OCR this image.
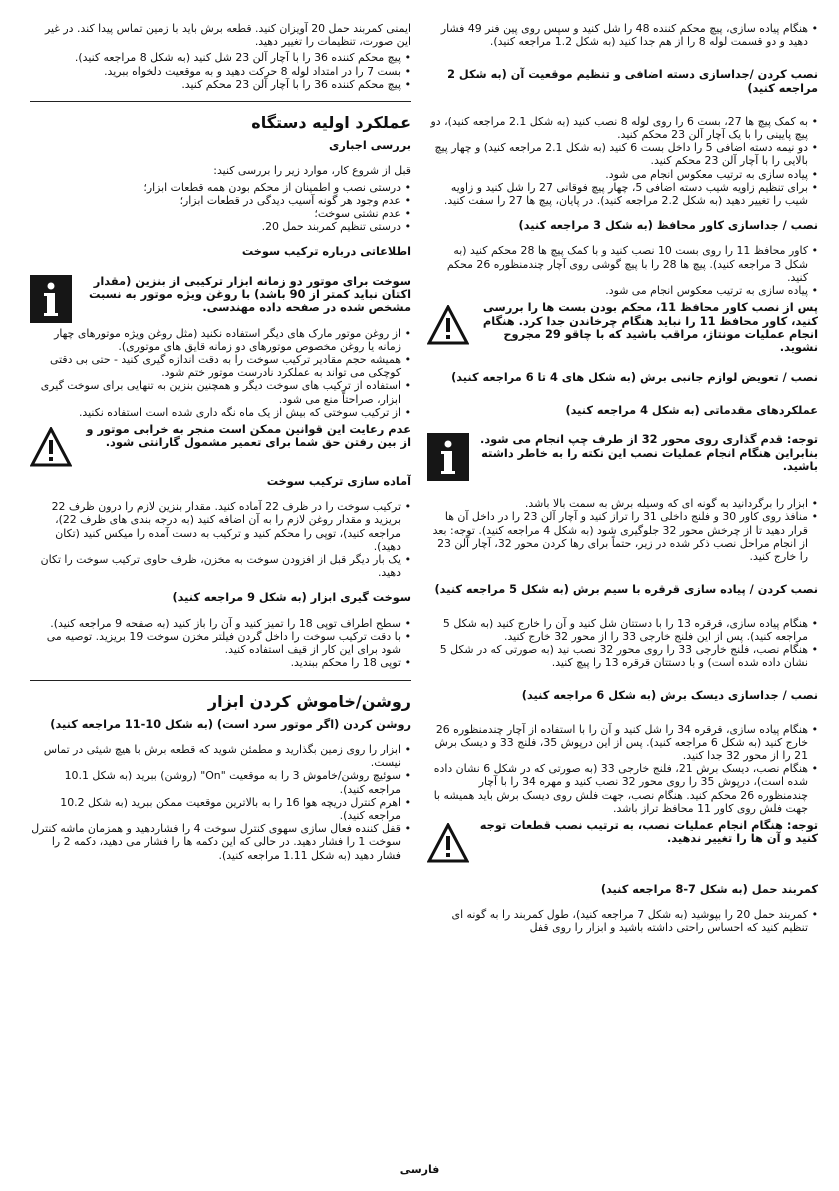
• هنگام پیاده سازی، پیچ محکم کننده 48 را شل کنید و سپس روی پین فنر 49 فشار دهید و دو قسمت لوله 8 را از هم جدا کنید (به شکل 1.2 مراجعه کنید).

نصب کردن /جداسازی دسته اضافی و تنظیم موقعیت آن (به شکل 2 مراجعه کنید)

• به کمک پیچ ها 27، بست 6 را روی لوله 8 نصب کنید (به شکل 2.1 مراجعه کنید)، دو پیچ پایینی را با یک آچار آلن 23 محکم کنید.

• دو نیمه دسته اضافی 5 را داخل بست 6 کنید (به شکل 2.1 مراجعه کنید) و چهار پیچ بالایی را با آچار آلن 23 محکم کنید.

• پیاده سازی به ترتیب معکوس انجام می شود.

• برای تنظیم زاویه شیب دسته اضافی 5، چهار پیچ فوقانی 27 را شل کنید و زاویه شیب را تغییر دهید (به شکل 2.2 مراجعه کنید). در پایان، پیچ ها 27 را سفت کنید.

نصب / جداسازی کاور محافظ (به شکل 3 مراجعه کنید)

• کاور محافظ 11 را روی بست 10 نصب کنید و با کمک پیچ ها 28 محکم کنید (به شکل 3 مراجعه کنید). پیچ ها 28 را با پیچ گوشی روی آچار چندمنظوره 26 محکم کنید.

• پیاده سازی به ترتیب معکوس انجام می شود.

پس از نصب کاور محافظ 11، محکم بودن بست ها را بررسی کنید، کاور محافظ 11 را نباید هنگام چرخاندن جدا کرد. هنگام انجام عملیات مونتاژ، مراقب باشید که با چاقو 29 مجروح نشوید.

نصب / تعویض لوازم جانبی برش (به شکل های 4 تا 6 مراجعه کنید)

عملکردهای مقدماتی (به شکل 4 مراجعه کنید)

توجه: قدم گذاری روی محور 32 از طرف چپ انجام می شود. بنابراین هنگام انجام عملیات نصب این نکته را به خاطر داشته باشید.

• ابزار را برگردانید به گونه ای که وسیله برش به سمت بالا باشد.

• منافذ روی کاور 30 و فلنج داخلی 31 را تراز کنید و آچار آلن 23 را در داخل آن ها قرار دهید تا از چرخش محور 32 جلوگیری شود (به شکل 4 مراجعه کنید). توجه: بعد از انجام مراحل نصب ذکر شده در زیر، حتماً برای رها کردن محور 32، آچار آلن 23 را خارج کنید.

نصب کردن / پیاده سازی قرقره با سیم برش (به شکل 5 مراجعه کنید)

• هنگام پیاده سازی، قرقره 13 را با دستتان شل کنید و آن را خارج کنید (به شکل 5 مراجعه کنید). پس از این فلنج خارجی 33 را از محور 32 خارج کنید.

• هنگام نصب، فلنج خارجی 33 را روی محور 32 نصب نید (به صورتی که در شکل 5 نشان داده شده است) و با دستتان قرقره 13 را پیچ کنید.

نصب / جداسازی دیسک برش (به شکل 6 مراجعه کنید)

• هنگام پیاده سازی، قرقره 34 را شل کنید و آن را با استفاده از آچار چندمنظوره 26 خارج کنید (به شکل 6 مراجعه کنید). پس از این درپوش 35، فلنج 33 و دیسک برش 21 را از محور 32 جدا کنید.

• هنگام نصب، دیسک برش 21، فلنج خارجی 33 (به صورتی که در شکل 6 نشان داده شده است)، درپوش 35 را روی محور 32 نصب کنید و مهره 34 را با آچار چندمنظوره 26 محکم کنید. هنگام نصب، جهت فلش روی دیسک برش باید همیشه با جهت فلش روی کاور 11 محافظ تراز باشد.

توجه: هنگام انجام عملیات نصب، به ترتیب نصب قطعات توجه کنید و آن ها را تغییر ندهید.

کمربند حمل (به شکل 7-8 مراجعه کنید)

• کمربند حمل 20 را بپوشید (به شکل 7 مراجعه کنید)، طول کمربند را به گونه ای تنظیم کنید که احساس راحتی داشته باشید و ابزار را روی قفل

ایمنی کمربند حمل 20 آویزان کنید. قطعه برش باید با زمین تماس پیدا کند. در غیر این صورت، تنظیمات را تغییر دهید.

• پیچ محکم کننده 36 را با آچار آلن 23 شل کنید (به شکل 8 مراجعه کنید).

• بست 7 را در امتداد لوله 8 حرکت دهید و به موقعیت دلخواه ببرید.

• پیچ محکم کننده 36 را با آچار آلن 23 محکم کنید.

عملکرد اولیه دستگاه

بررسی اجباری

قبل از شروع کار، موارد زیر را بررسی کنید:

• درستی نصب و اطمینان از محکم بودن همه قطعات ابزار؛

• عدم وجود هر گونه آسیب دیدگی در قطعات ابزار؛

• عدم نشتی سوخت؛

• درستی تنظیم کمربند حمل 20.

اطلاعاتی درباره ترکیب سوخت

سوخت برای موتور دو زمانه ابزار ترکیبی از بنزین (مقدار اکتان نباید کمتر از 90 باشد) با روغن ویژه موتور به نسبت مشخص شده در صفحه داده مهندسی.

• از روغن موتور مارک های دیگر استفاده نکنید (مثل روغن ویژه موتورهای چهار زمانه یا روغن مخصوص موتورهای دو زمانه قایق های موتوری).

• همیشه حجم مقادیر ترکیب سوخت را به دقت اندازه گیری کنید - حتی بی دقتی کوچکی می تواند به عملکرد نادرست موتور ختم شود.

• استفاده از ترکیب های سوخت دیگر و همچنین بنزین به تنهایی برای سوخت گیری ابزار، صراحتاً منع می شود.

• از ترکیب سوختی که بیش از یک ماه نگه داری شده است استفاده نکنید.

عدم رعایت این قوانین ممکن است منجر به خرابی موتور و از بین رفتن حق شما برای تعمیر مشمول گارانتی شود.

آماده سازی ترکیب سوخت

• ترکیب سوخت را در ظرف 22 آماده کنید. مقدار بنزین لازم را درون ظرف 22 بریزید و مقدار روغن لازم را به آن اضافه کنید (به درجه بندی های ظرف 22)، مراجعه کنید)، توپی را محکم کنید و ترکیب به دست آمده را میکس کنید (تکان دهید).

• یک بار دیگر قبل از افزودن سوخت به مخزن، ظرف حاوی ترکیب سوخت را تکان دهید.

سوخت گیری ابزار (به شکل 9 مراجعه کنید)

• سطح اطراف توپی 18 را تمیز کنید و آن را باز کنید (به صفحه 9 مراجعه کنید).

• با دقت ترکیب سوخت را داخل گردن فیلتر مخزن سوخت 19 بریزید. توصیه می شود برای این کار از قیف استفاده کنید.

• توپی 18 را محکم ببندید.

روشن/خاموش کردن ابزار

روشن کردن (اگر موتور سرد است) (به شکل 10-11 مراجعه کنید)

• ابزار را روی زمین بگذارید و مطمئن شوید که قطعه برش با هیچ شیئی در تماس نیست.

• سوئیچ روشن/خاموش 3 را به موقعیت "On" (روشن) ببرید (به شکل 10.1 مراجعه کنید).

• اهرم کنترل دریچه هوا 16 را به بالاترین موقعیت ممکن ببرید (به شکل 10.2 مراجعه کنید).

• قفل کننده فعال سازی سهوی کنترل سوخت 4 را فشاردهید و همزمان ماشه کنترل سوخت 1 را فشار دهید. در حالی که این دکمه ها را فشار می دهید، دکمه 2 را فشار دهید (به شکل 1.11 مراجعه کنید).

فارسی
